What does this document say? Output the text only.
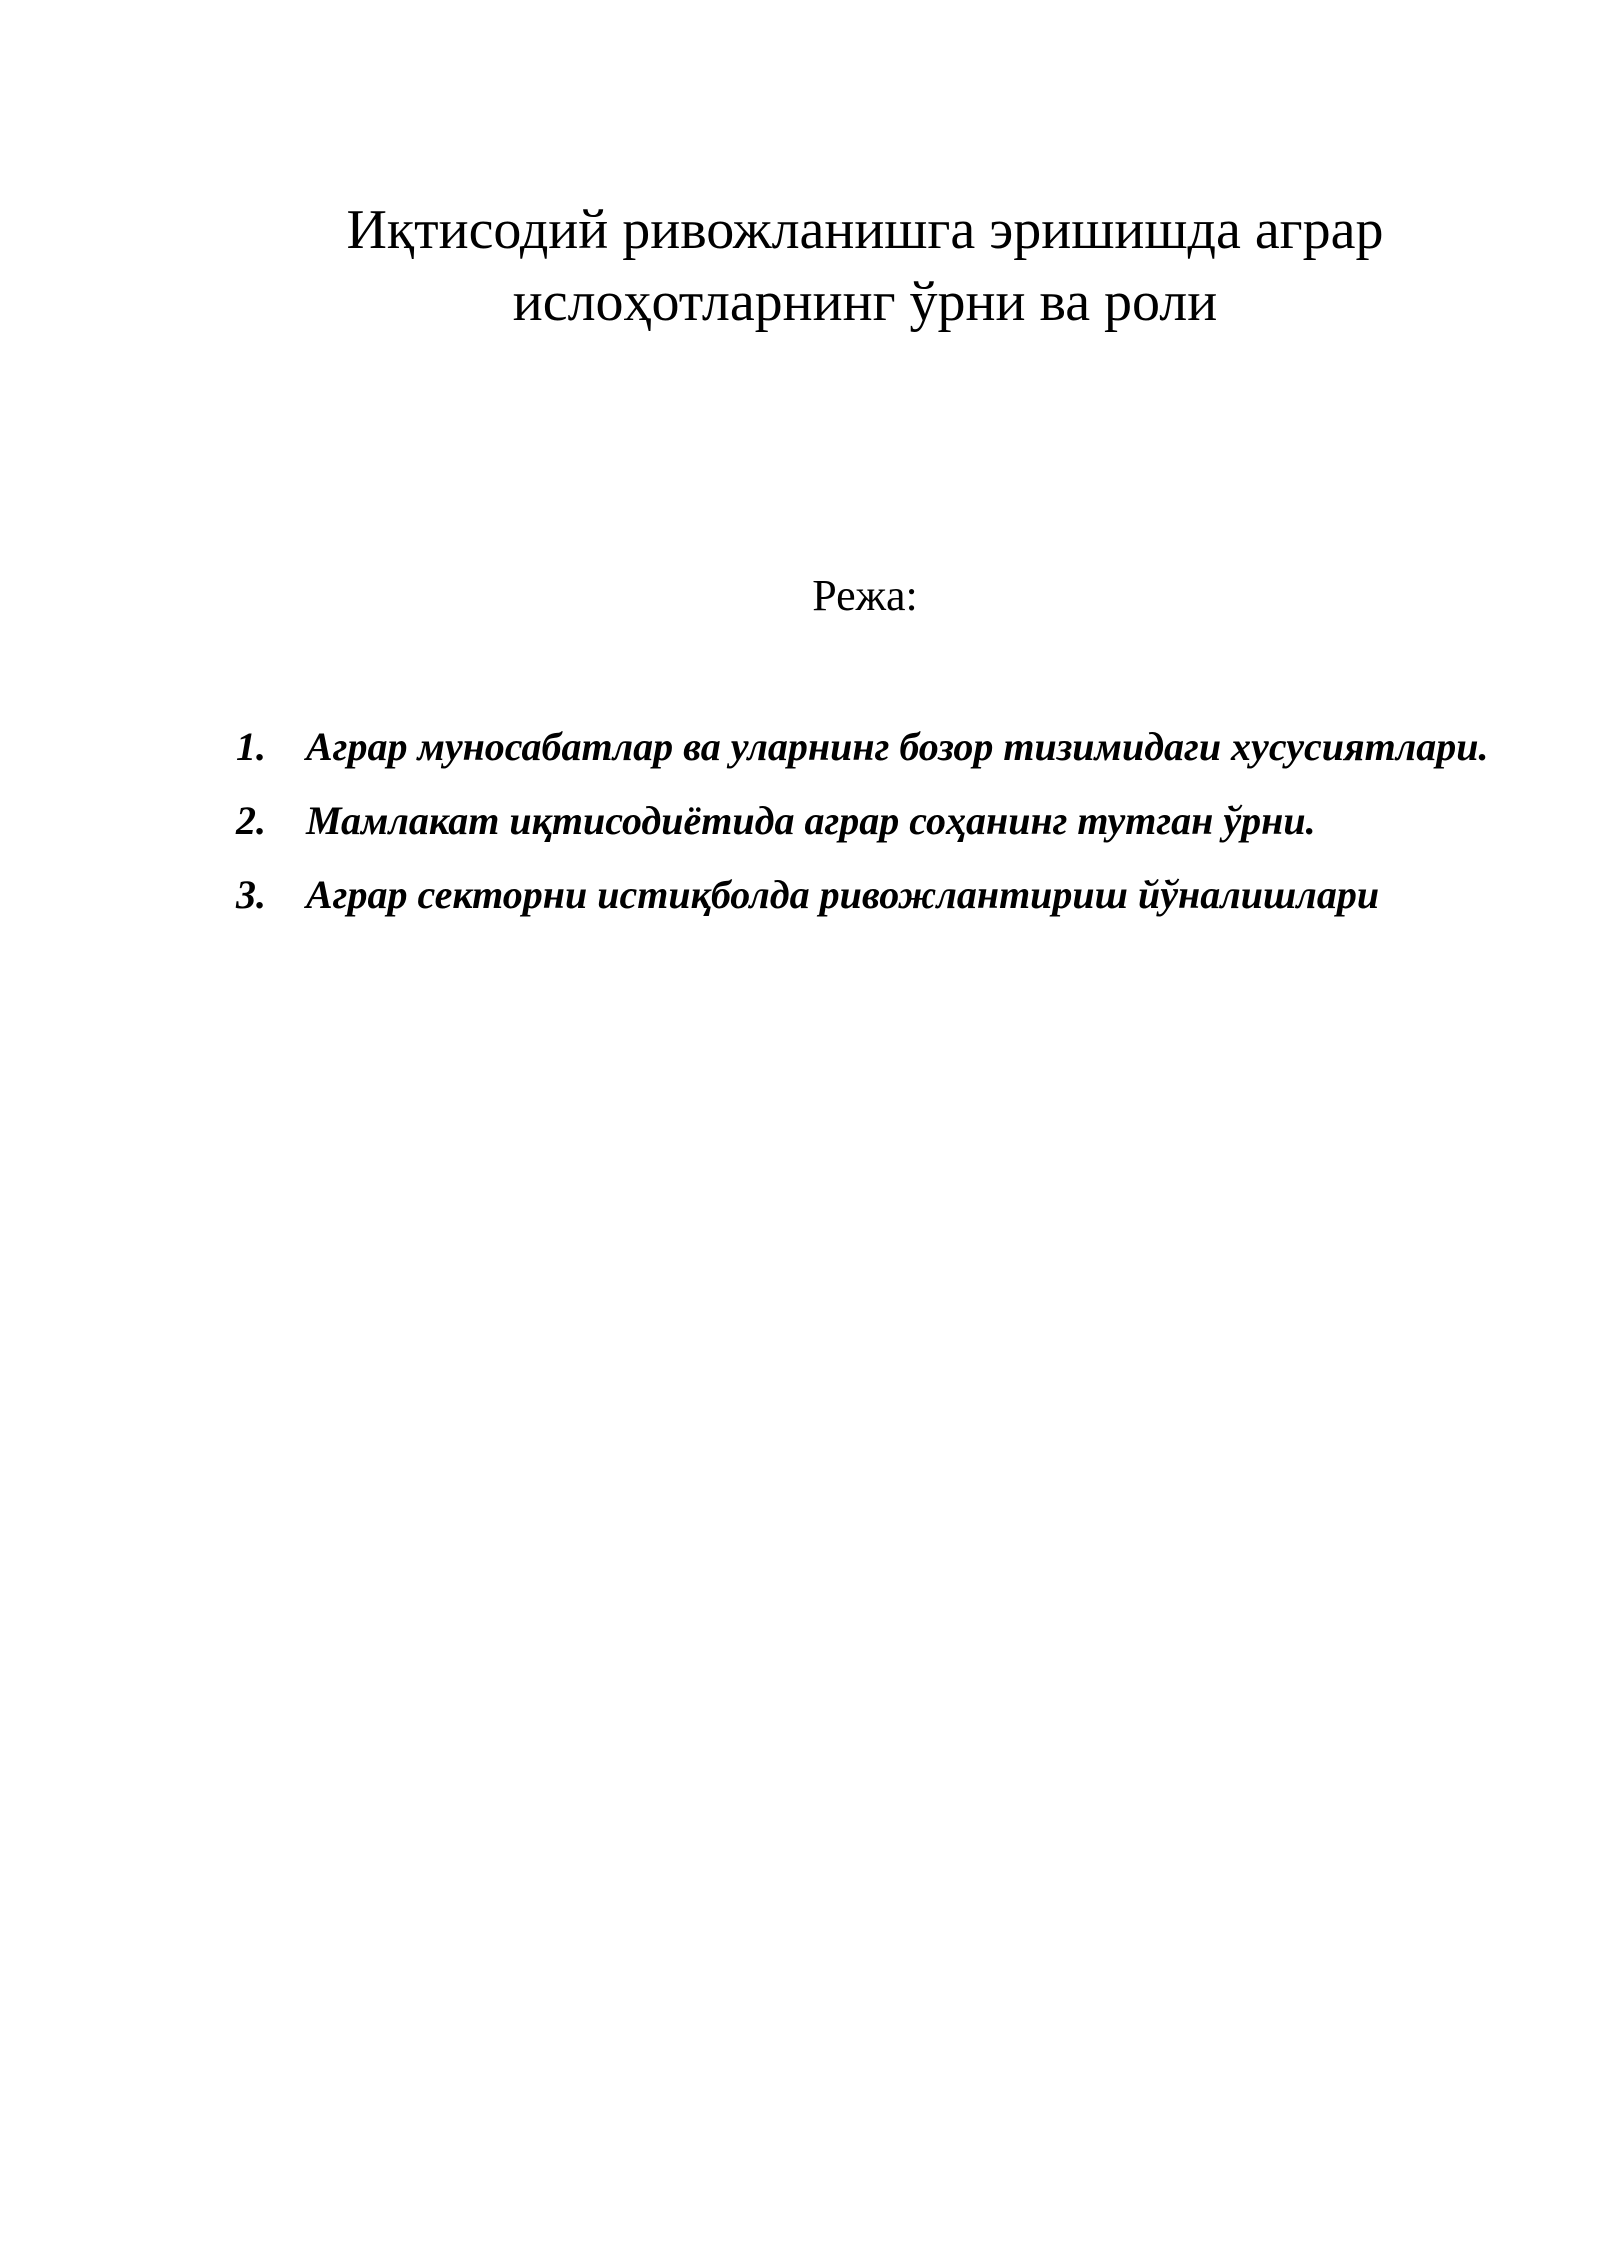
Иқтисодий ривожланишга эришишда аграр
ислоҳотларнинг ўрни ва роли
Режа:
1.	Аграр муносабатлар ва уларнинг бозор тизимидаги хусусиятлари.
2.	Мамлакат иқтисодиётида аграр соҳанинг тутган ўрни.
3.	Аграр секторни истиқболда ривожлантириш йўналишлари
